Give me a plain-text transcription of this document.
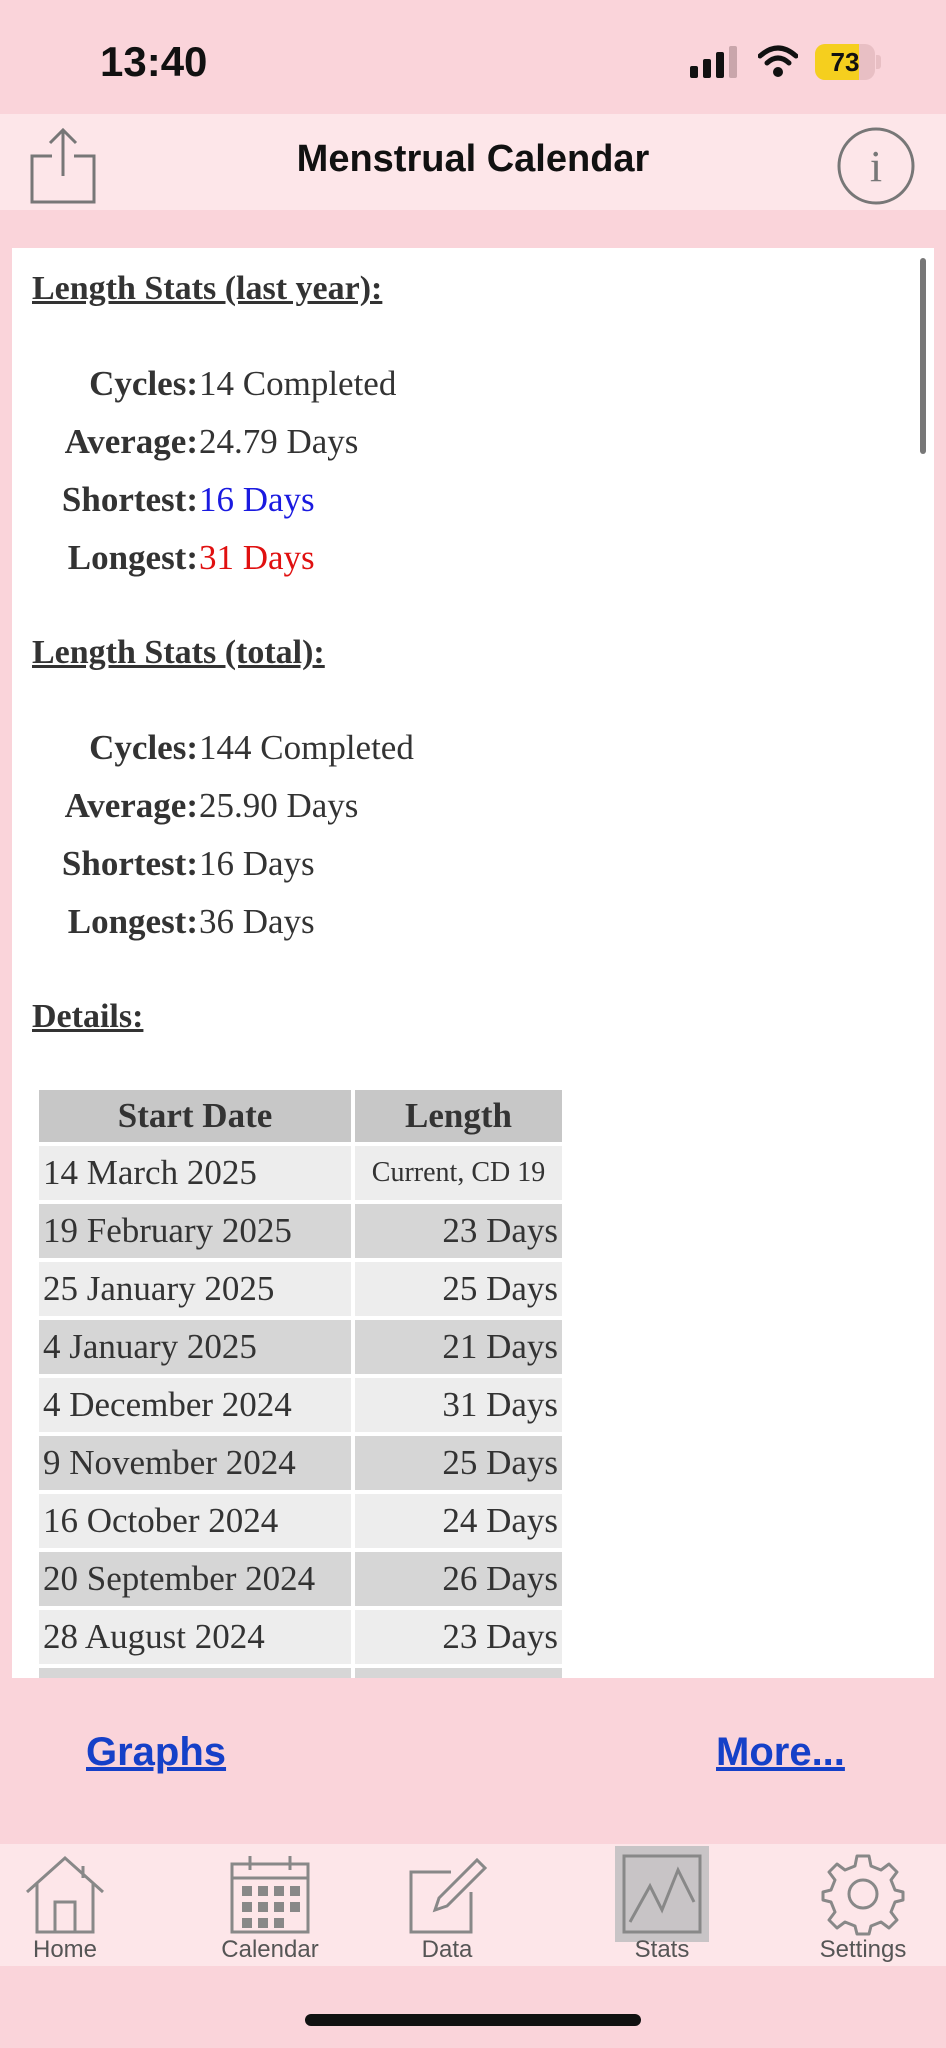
13:40	73
Menstrual Calendar	i
Length Stats (last year):
Cycles: 14 Completed
Average: 24.79 Days
Shortest: 16 Days
Longest: 31 Days
Length Stats (total):
Cycles: 144 Completed
Average: 25.90 Days
Shortest: 16 Days
Longest: 36 Days
Details:
Start Date	Length
14 March 2025	Current, CD 19
19 February 2025	23 Days
25 January 2025	25 Days
4 January 2025	21 Days
4 December 2024	31 Days
9 November 2024	25 Days
16 October 2024	24 Days
20 September 2024	26 Days
28 August 2024	23 Days

Graphs	More...
Home	Calendar	Data	Stats	Settings
